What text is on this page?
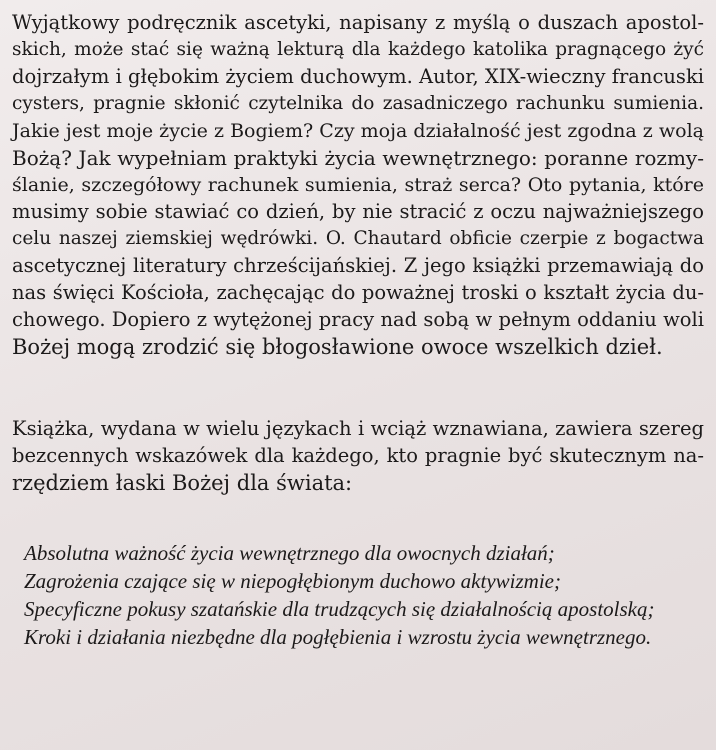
Wyjątkowy podręcznik ascetyki, napisany z myślą o duszach apostol-

skich, może stać się ważną lekturą dla każdego katolika pragnącego żyć

dojrzałym i głębokim życiem duchowym. Autor, XIX-wieczny francuski

cysters, pragnie skłonić czytelnika do zasadniczego rachunku sumienia.

Jakie jest moje życie z Bogiem? Czy moja działalność jest zgodna z wolą

Bożą? Jak wypełniam praktyki życia wewnętrznego: poranne rozmy-

ślanie, szczegółowy rachunek sumienia, straż serca? Oto pytania, które

musimy sobie stawiać co dzień, by nie stracić z oczu najważniejszego

celu naszej ziemskiej wędrówki. O. Chautard obficie czerpie z bogactwa

ascetycznej literatury chrześcijańskiej. Z jego książki przemawiają do

nas święci Kościoła, zachęcając do poważnej troski o kształt życia du-

chowego. Dopiero z wytężonej pracy nad sobą w pełnym oddaniu woli

Bożej mogą zrodzić się błogosławione owoce wszelkich dzieł.

Książka, wydana w wielu językach i wciąż wznawiana, zawiera szereg

bezcennych wskazówek dla każdego, kto pragnie być skutecznym na-

rzędziem łaski Bożej dla świata:

Absolutna ważność życia wewnętrznego dla owocnych działań;

Zagrożenia czające się w niepogłębionym duchowo aktywizmie;

Specyficzne pokusy szatańskie dla trudzących się działalnością apostolską;

Kroki i działania niezbędne dla pogłębienia i wzrostu życia wewnętrznego.
